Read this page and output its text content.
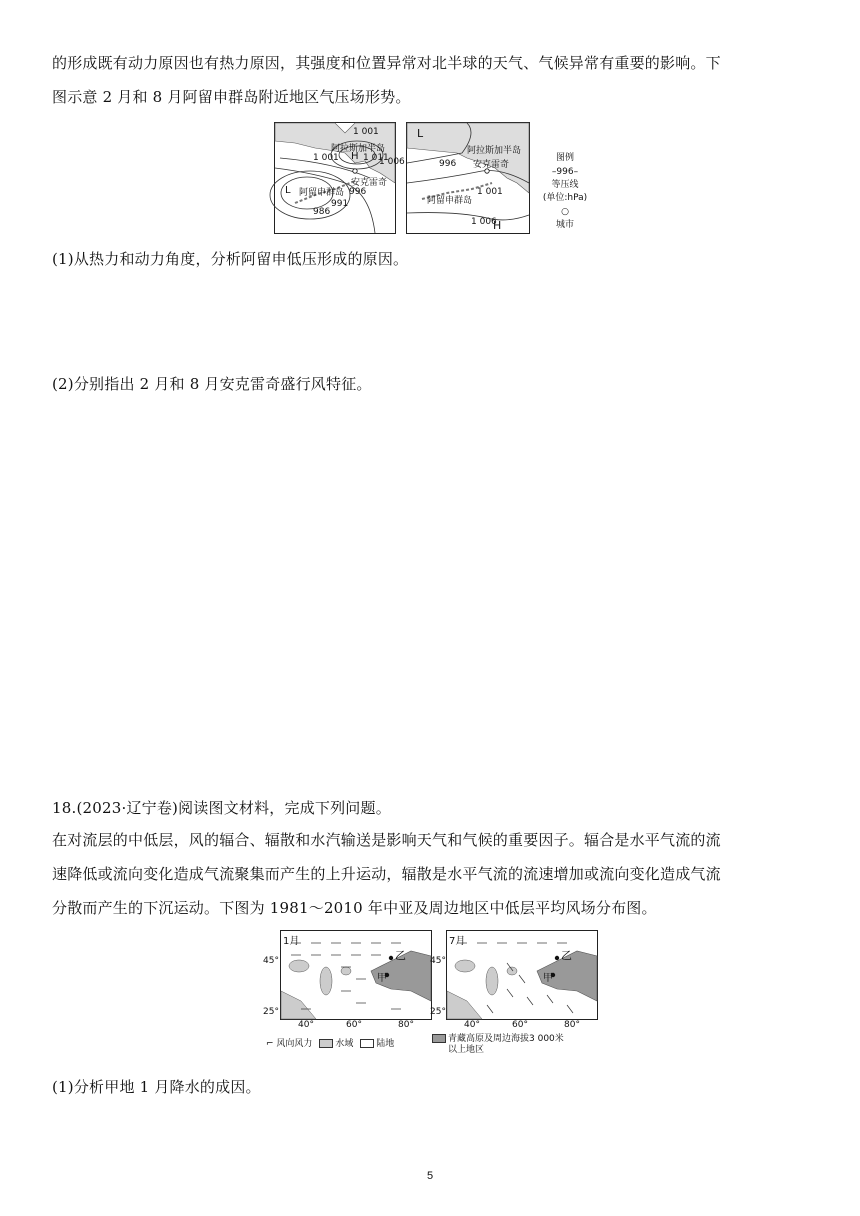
的形成既有动力原因也有热力原因，其强度和位置异常对北半球的天气、气候异常有重要的影响。下
图示意 2 月和 8 月阿留申群岛附近地区气压场形势。
1 001
阿拉斯加半岛
1 001 H 1 011
1 006
安克雷奇
L 阿留申群岛 996
991
986
L
阿拉斯加半岛
安克雷奇
996
1 001
阿留申群岛
1 006
H
图例
–996–
等压线
(单位:hPa)
○
城市
(1)从热力和动力角度，分析阿留申低压形成的原因。
(2)分别指出 2 月和 8 月安克雷奇盛行风特征。
18.(2023·辽宁卷)阅读图文材料，完成下列问题。
在对流层的中低层，风的辐合、辐散和水汽输送是影响天气和气候的重要因子。辐合是水平气流的流
速降低或流向变化造成气流聚集而产生的上升运动，辐散是水平气流的流速增加或流向变化造成气流
分散而产生的下沉运动。下图为 1981～2010 年中亚及周边地区中低层平均风场分布图。
1月
乙
甲
45°
25°
40°	60°	80°
7月
乙
甲
45°
25°
40°	60°	80°
⌐ 风向风力	水域	陆地	青藏高原及周边海拔3 000米
以上地区
(1)分析甲地 1 月降水的成因。
5
